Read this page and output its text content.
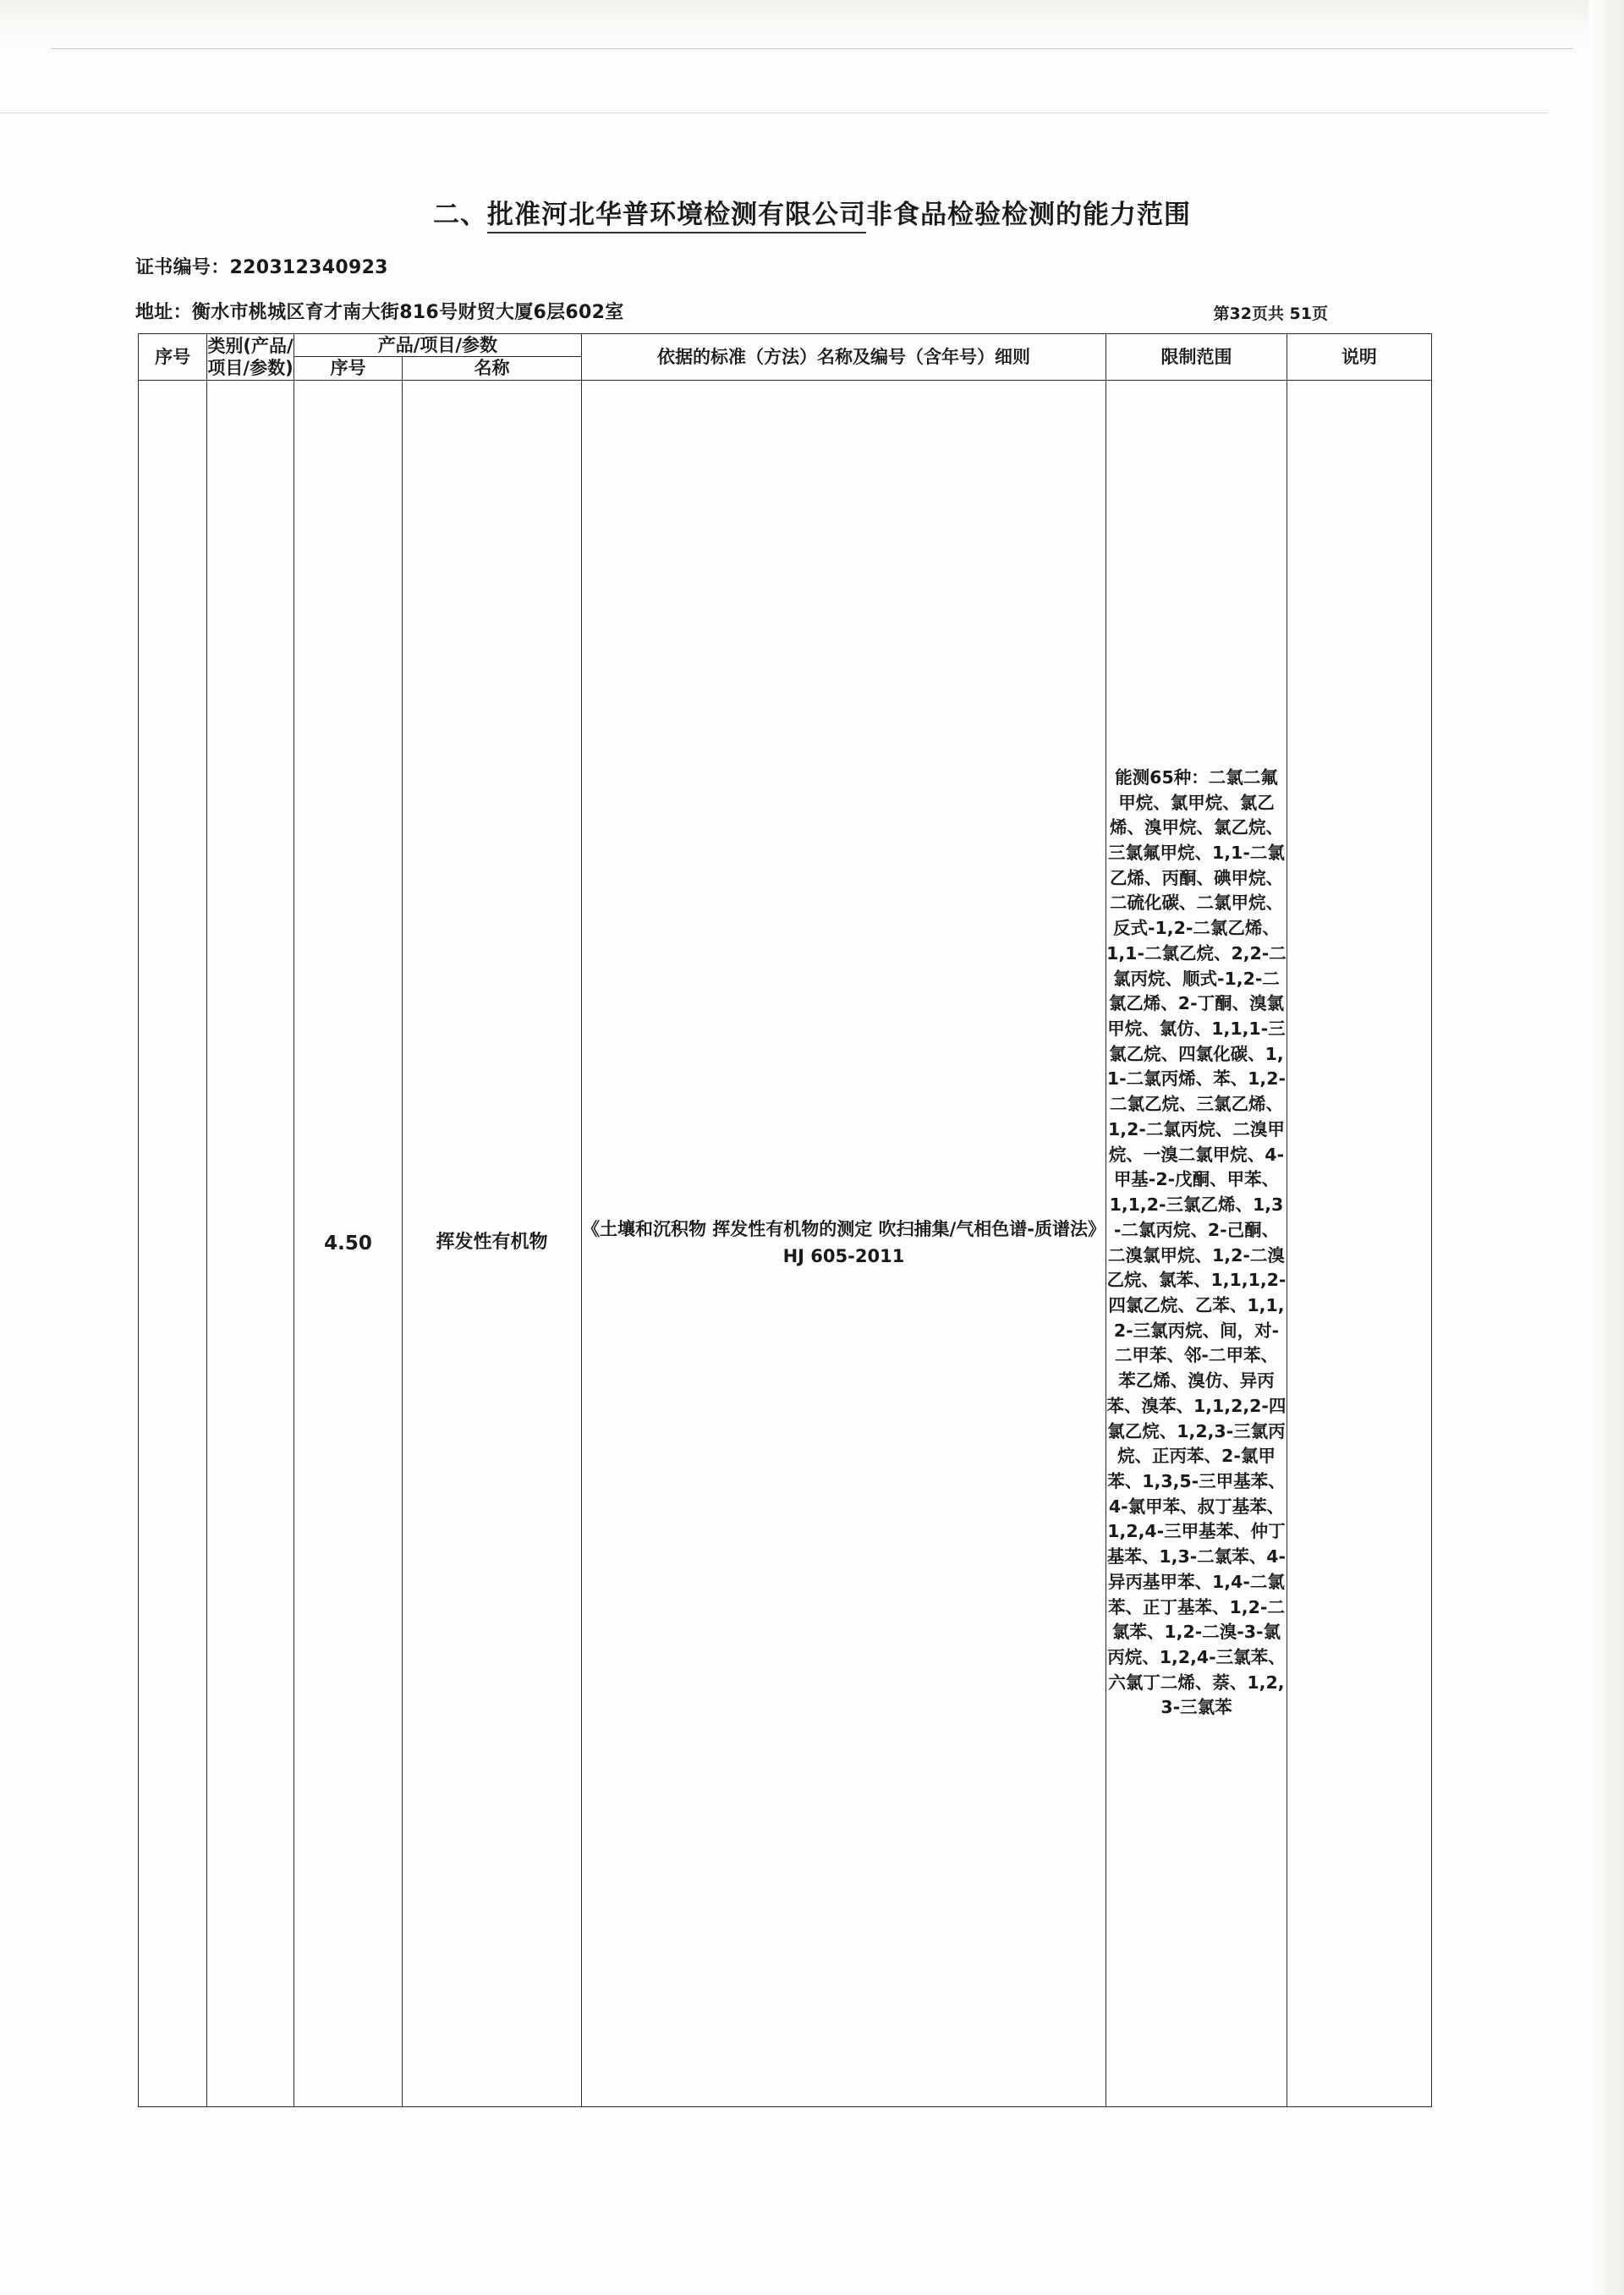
二、批准河北华普环境检测有限公司非食品检验检测的能力范围
证书编号：220312340923
地址：衡水市桃城区育才南大街816号财贸大厦6层602室	第32页共 51页
序号	类别(产品/项目/参数)	产品/项目/参数		依据的标准（方法）名称及编号（含年号）细则	限制范围	说明
		序号	名称			
		4.50	挥发性有机物	《土壤和沉积物 挥发性有机物的测定 吹扫捕集/气相色谱-质谱法》 HJ 605-2011	能测65种：二氯二氟甲烷、氯甲烷、氯乙烯、溴甲烷、氯乙烷、三氯氟甲烷、1,1-二氯乙烯、丙酮、碘甲烷、二硫化碳、二氯甲烷、反式-1,2-二氯乙烯、1,1-二氯乙烷、2,2-二氯丙烷、顺式-1,2-二氯乙烯、2-丁酮、溴氯甲烷、氯仿、1,1,1-三氯乙烷、四氯化碳、1,1-二氯丙烯、苯、1,2-二氯乙烷、三氯乙烯、1,2-二氯丙烷、二溴甲烷、一溴二氯甲烷、4-甲基-2-戊酮、甲苯、1,1,2-三氯乙烯、1,3-二氯丙烷、2-己酮、二溴氯甲烷、1,2-二溴乙烷、氯苯、1,1,1,2-四氯乙烷、乙苯、1,1,2-三氯丙烷、间，对-二甲苯、邻-二甲苯、苯乙烯、溴仿、异丙苯、溴苯、1,1,2,2-四氯乙烷、1,2,3-三氯丙烷、正丙苯、2-氯甲苯、1,3,5-三甲基苯、4-氯甲苯、叔丁基苯、1,2,4-三甲基苯、仲丁基苯、1,3-二氯苯、4-异丙基甲苯、1,4-二氯苯、正丁基苯、1,2-二氯苯、1,2-二溴-3-氯丙烷、1,2,4-三氯苯、六氯丁二烯、萘、1,2,3-三氯苯	
